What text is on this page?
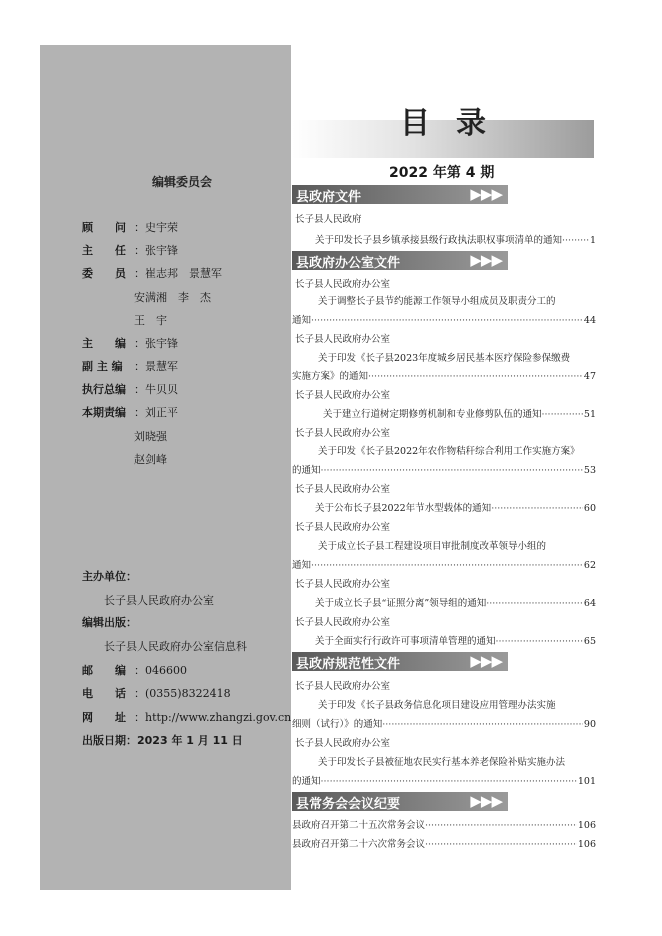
编辑委员会
顾　　问 ：史宇荣
主　　任 ：张宇锋
委　　员 ：崔志邦　景慧军
安满湘　李　杰
王　宇
主　　编 ：张宇锋
副 主 编 ：景慧军
执行总编 ：牛贝贝
本期责编 ：刘正平
刘晓强
赵剑峰
主办单位：
长子县人民政府办公室
编辑出版：
长子县人民政府办公室信息科
邮　　编 ：046600
电　　话 ：(0355)8322418
网　　址 ：http://www.zhangzi.gov.cn
出版日期：2023 年 1 月 11 日
目录
2022 年第 4 期
县政府文件	▶▶▶
长子县人民政府
关于印发长子县乡镇承接县级行政执法职权事项清单的通知 ·····	1
县政府办公室文件	▶▶▶
长子县人民政府办公室
关于调整长子县节约能源工作领导小组成员及职责分工的
通知 ·····	44
长子县人民政府办公室
关于印发《长子县2023年度城乡居民基本医疗保险参保缴费
实施方案》的通知 ·····	47
长子县人民政府办公室
关于建立行道树定期修剪机制和专业修剪队伍的通知 ·····	51
长子县人民政府办公室
关于印发《长子县2022年农作物秸秆综合利用工作实施方案》
的通知 ·····	53
长子县人民政府办公室
关于公布长子县2022年节水型载体的通知 ·····	60
长子县人民政府办公室
关于成立长子县工程建设项目审批制度改革领导小组的
通知 ·····	62
长子县人民政府办公室
关于成立长子县“证照分离”领导组的通知 ·····	64
长子县人民政府办公室
关于全面实行行政许可事项清单管理的通知 ·····	65
县政府规范性文件	▶▶▶
长子县人民政府办公室
关于印发《长子县政务信息化项目建设应用管理办法实施
细则（试行）》的通知 ·····	90
长子县人民政府办公室
关于印发长子县被征地农民实行基本养老保险补贴实施办法
的通知 ·····	101
县常务会会议纪要	▶▶▶
县政府召开第二十五次常务会议 ·····	106
县政府召开第二十六次常务会议 ·····	106
